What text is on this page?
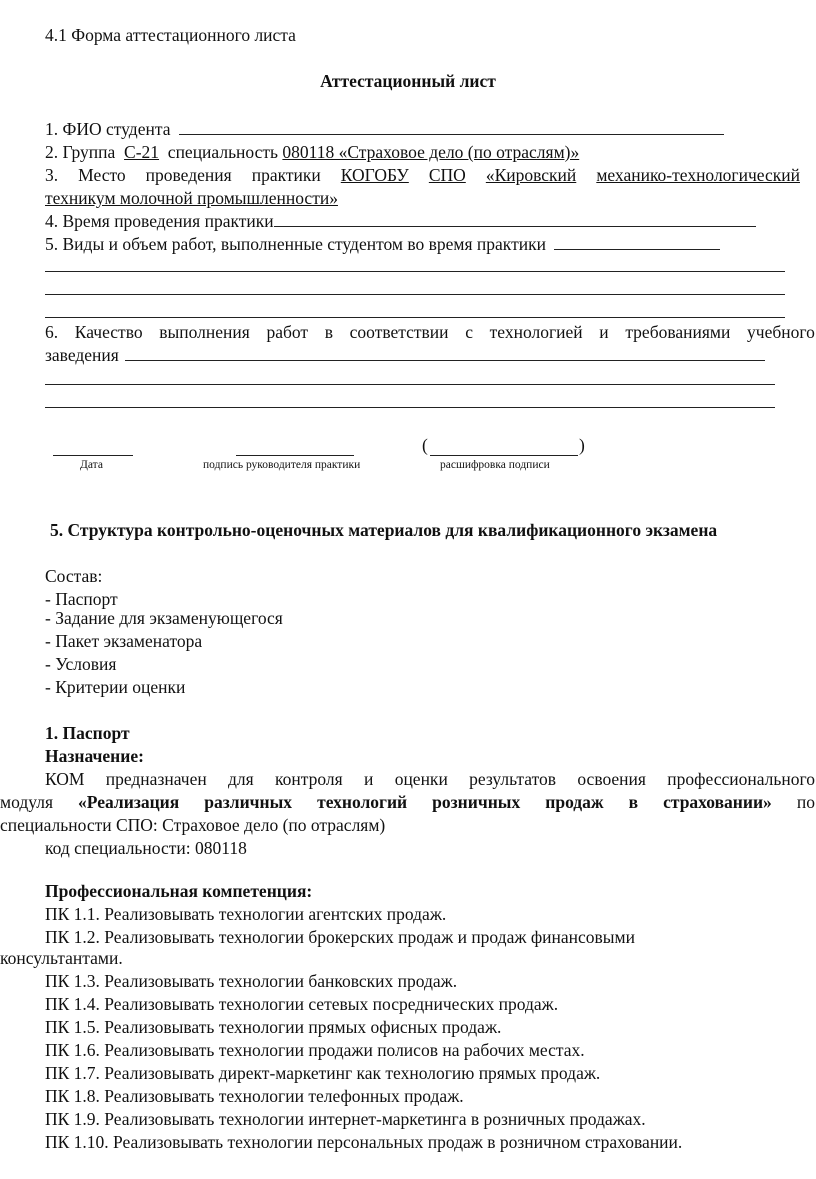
4.1 Форма аттестационного листа
Аттестационный лист
1. ФИО студента
2. Группа С-21 специальность 080118 «Страховое дело (по отраслям)»
3. Место проведения практики КОГОБУ СПО «Кировский механико-технологический
техникум молочной промышленности»
4. Время проведения практики
5. Виды и объем работ, выполненные студентом во время практики
6. Качество выполнения работ в соответствии с технологией и требованиями учебного
заведения
(	)
Дата	подпись руководителя практики	расшифровка подписи
5. Структура контрольно-оценочных материалов для квалификационного экзамена
Состав:
- Паспорт
- Задание для экзаменующегося
- Пакет экзаменатора
- Условия
- Критерии оценки
1. Паспорт
Назначение:
КОМ предназначен для контроля и оценки результатов освоения профессионального
модуля «Реализация различных технологий розничных продаж в страховании» по
специальности СПО: Страховое дело (по отраслям)
код специальности: 080118
Профессиональная компетенция:
ПК 1.1. Реализовывать технологии агентских продаж.
ПК 1.2. Реализовывать технологии брокерских продаж и продаж финансовыми
консультантами.
ПК 1.3. Реализовывать технологии банковских продаж.
ПК 1.4. Реализовывать технологии сетевых посреднических продаж.
ПК 1.5. Реализовывать технологии прямых офисных продаж.
ПК 1.6. Реализовывать технологии продажи полисов на рабочих местах.
ПК 1.7. Реализовывать директ-маркетинг как технологию прямых продаж.
ПК 1.8. Реализовывать технологии телефонных продаж.
ПК 1.9. Реализовывать технологии интернет-маркетинга в розничных продажах.
ПК 1.10. Реализовывать технологии персональных продаж в розничном страховании.
